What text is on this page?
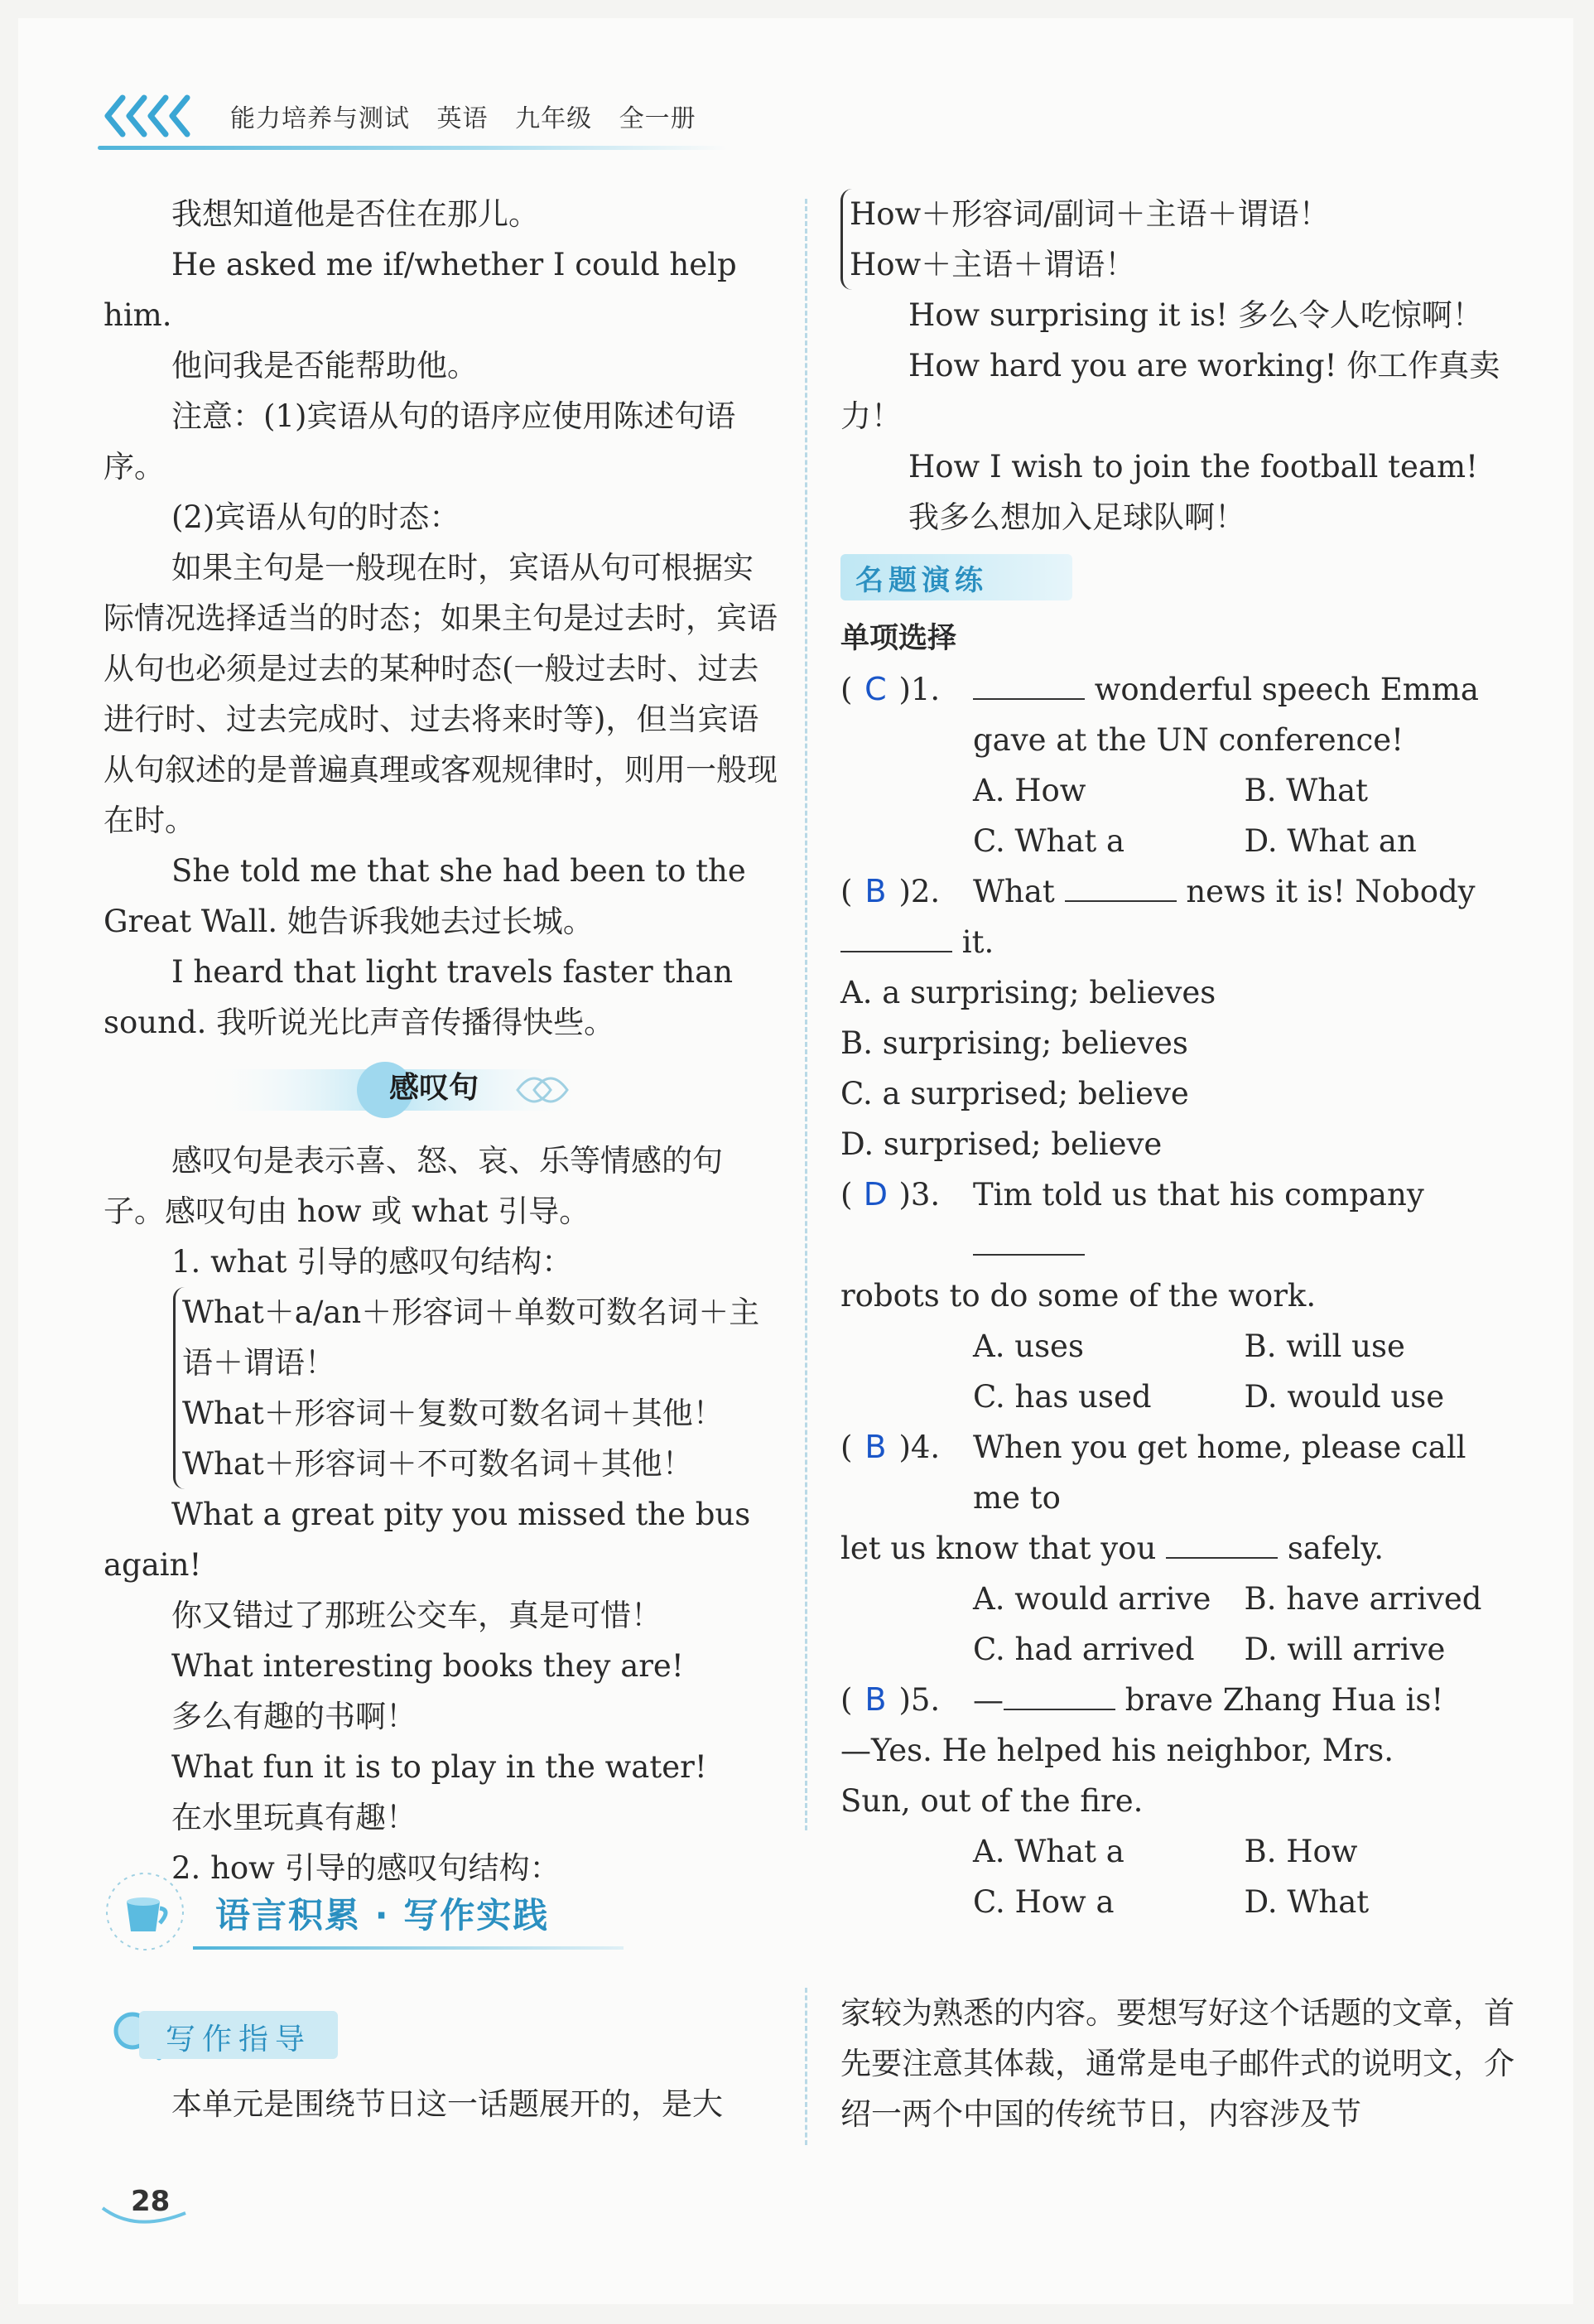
能力培养与测试 英语 九年级 全一册

我想知道他是否住在那儿。

He asked me if/whether I could help him.

他问我是否能帮助他。

注意：(1)宾语从句的语序应使用陈述句语序。

(2)宾语从句的时态：

如果主句是一般现在时，宾语从句可根据实际情况选择适当的时态；如果主句是过去时，宾语从句也必须是过去的某种时态(一般过去时、过去进行时、过去完成时、过去将来时等)，但当宾语从句叙述的是普遍真理或客观规律时，则用一般现在时。

She told me that she had been to the Great Wall. 她告诉我她去过长城。

I heard that light travels faster than sound. 我听说光比声音传播得快些。

感叹句

感叹句是表示喜、怒、哀、乐等情感的句子。感叹句由 how 或 what 引导。

1. what 引导的感叹句结构：

What＋a/an＋形容词＋单数可数名词＋主语＋谓语！

What＋形容词＋复数可数名词＋其他！

What＋形容词＋不可数名词＋其他！

What a great pity you missed the bus again!

你又错过了那班公交车，真是可惜！

What interesting books they are!

多么有趣的书啊！

What fun it is to play in the water!

在水里玩真有趣！

2. how 引导的感叹句结构：

How＋形容词/副词＋主语＋谓语！

How＋主语＋谓语！

How surprising it is! 多么令人吃惊啊！

How hard you are working! 你工作真卖力！

How I wish to join the football team!

我多么想加入足球队啊！

名题演练

单项选择

( C )1.	wonderful speech Emma gave at the UN conference!
A. How	B. What
C. What a	D. What an
( B )2.	What	news it is! Nobody

it.

A. a surprising; believes

B. surprising; believes

C. a surprised; believe

D. surprised; believe

( D )3.	Tim told us that his company

robots to do some of the work.

A. uses	B. will use
C. has used	D. would use
( B )4.	When you get home, please call me to

let us know that you	safely.

A. would arrive	B. have arrived
C. had arrived	D. will arrive
( B )5.	—	brave Zhang Hua is!

—Yes. He helped his neighbor, Mrs.

Sun, out of the fire.

A. What a	B. How
C. How a	D. What
语言积累 · 写作实践
写作指导

本单元是围绕节日这一话题展开的，是大

家较为熟悉的内容。要想写好这个话题的文章，首先要注意其体裁，通常是电子邮件式的说明文，介绍一两个中国的传统节日，内容涉及节

28
